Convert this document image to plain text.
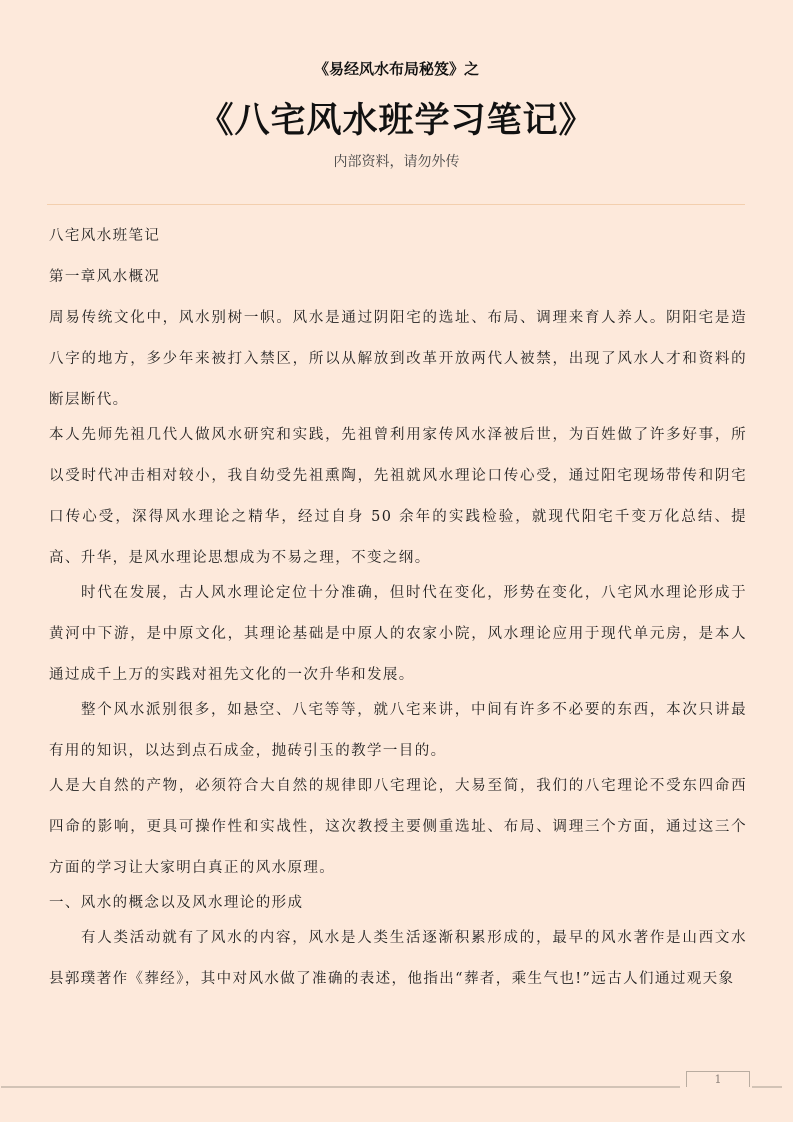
《易经风水布局秘笈》之
《八宅风水班学习笔记》
内部资料，请勿外传

八宅风水班笔记

第一章风水概况

周易传统文化中，风水别树一帜。风水是通过阴阳宅的选址、布局、调理来育人养人。阴阳宅是造八字的地方，多少年来被打入禁区，所以从解放到改革开放两代人被禁，出现了风水人才和资料的断层断代。

本人先师先祖几代人做风水研究和实践，先祖曾利用家传风水泽被后世，为百姓做了许多好事，所以受时代冲击相对较小，我自幼受先祖熏陶，先祖就风水理论口传心受，通过阳宅现场带传和阴宅口传心受，深得风水理论之精华，经过自身 50 余年的实践检验，就现代阳宅千变万化总结、提高、升华，是风水理论思想成为不易之理，不变之纲。

时代在发展，古人风水理论定位十分准确，但时代在变化，形势在变化，八宅风水理论形成于黄河中下游，是中原文化，其理论基础是中原人的农家小院，风水理论应用于现代单元房，是本人通过成千上万的实践对祖先文化的一次升华和发展。

整个风水派别很多，如悬空、八宅等等，就八宅来讲，中间有许多不必要的东西，本次只讲最有用的知识，以达到点石成金，抛砖引玉的教学一目的。

人是大自然的产物，必须符合大自然的规律即八宅理论，大易至简，我们的八宅理论不受东四命西四命的影响，更具可操作性和实战性，这次教授主要侧重选址、布局、调理三个方面，通过这三个方面的学习让大家明白真正的风水原理。

一、风水的概念以及风水理论的形成

有人类活动就有了风水的内容，风水是人类生活逐渐积累形成的，最早的风水著作是山西文水县郭璞著作《葬经》，其中对风水做了准确的表述，他指出“葬者，乘生气也!”远古人们通过观天象

1
